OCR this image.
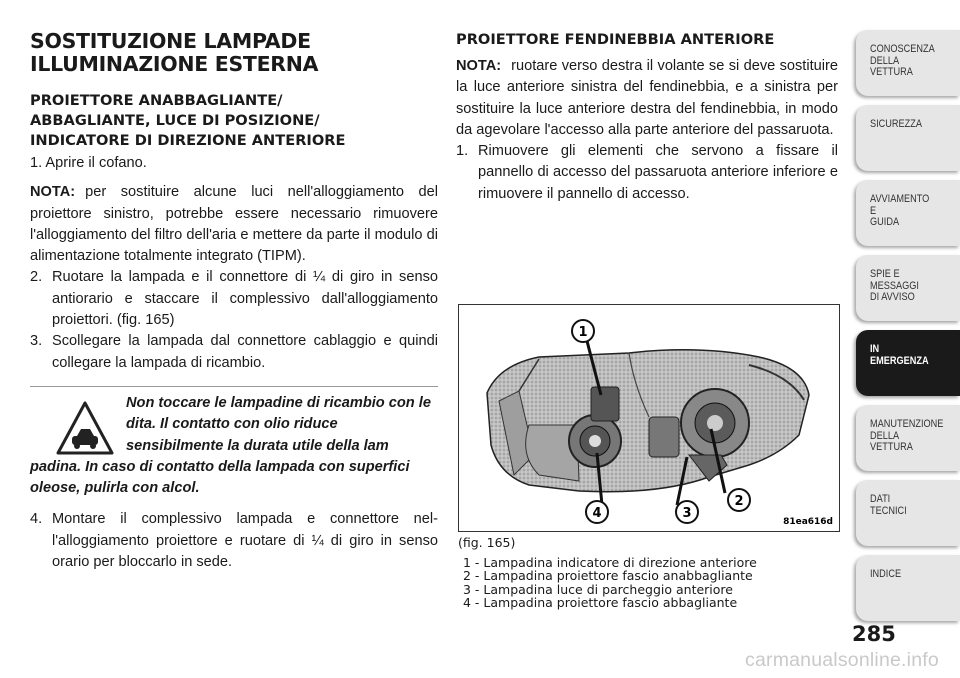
SOSTITUZIONE LAMPADE
ILLUMINAZIONE ESTERNA
PROIETTORE ANABBAGLIANTE/
ABBAGLIANTE, LUCE DI POSIZIONE/
INDICATORE DI DIREZIONE ANTERIORE

1. Aprire il cofano.

NOTA: per sostituire alcune luci nell'alloggiamento del proiettore sinistro, potrebbe essere necessario rimuovere l'alloggiamento del filtro dell'aria e mettere da parte il modulo di alimentazione totalmente integrato (TIPM).

2. Ruotare la lampada e il connettore di ¼ di giro in senso antiorario e staccare il complessivo dall'alloggiamento proiettori. (fig. 165)
3. Scollegare la lampada dal connettore cablaggio e quindi collegare la lampada di ricambio.
Non toccare le lampadine di ricambio con le dita. Il contatto con olio riduce sensibilmente la durata utile della lam
padina. In caso di contatto della lampada con superfici oleose, pulirla con alcol.
4. Montare il complessivo lampada e connettore nell'alloggiamento proiettore e ruotare di ¼ di giro in senso orario per bloccarlo in sede.
PROIETTORE FENDINEBBIA ANTERIORE

NOTA: ruotare verso destra il volante se si deve sostituire la luce anteriore sinistra del fendinebbia, e a sinistra per sostituire la luce anteriore destra del fendinebbia, in modo da agevolare l'accesso alla parte anteriore del passaruota.

1. Rimuovere gli elementi che servono a fissare il pannello di accesso del passaruota anteriore inferiore e rimuovere il pannello di accesso.
1
2
3
4
81ea616d
(fig. 165)
1 - Lampadina indicatore di direzione anteriore
2 - Lampadina proiettore fascio anabbagliante
3 - Lampadina luce di parcheggio anteriore
4 - Lampadina proiettore fascio abbagliante
CONOSCENZA
DELLA
VETTURA
SICUREZZA
AVVIAMENTO
E
GUIDA
SPIE E
MESSAGGI
DI AVVISO
IN
EMERGENZA
MANUTENZIONE
DELLA
VETTURA
DATI
TECNICI
INDICE
285
carmanualsonline.info
